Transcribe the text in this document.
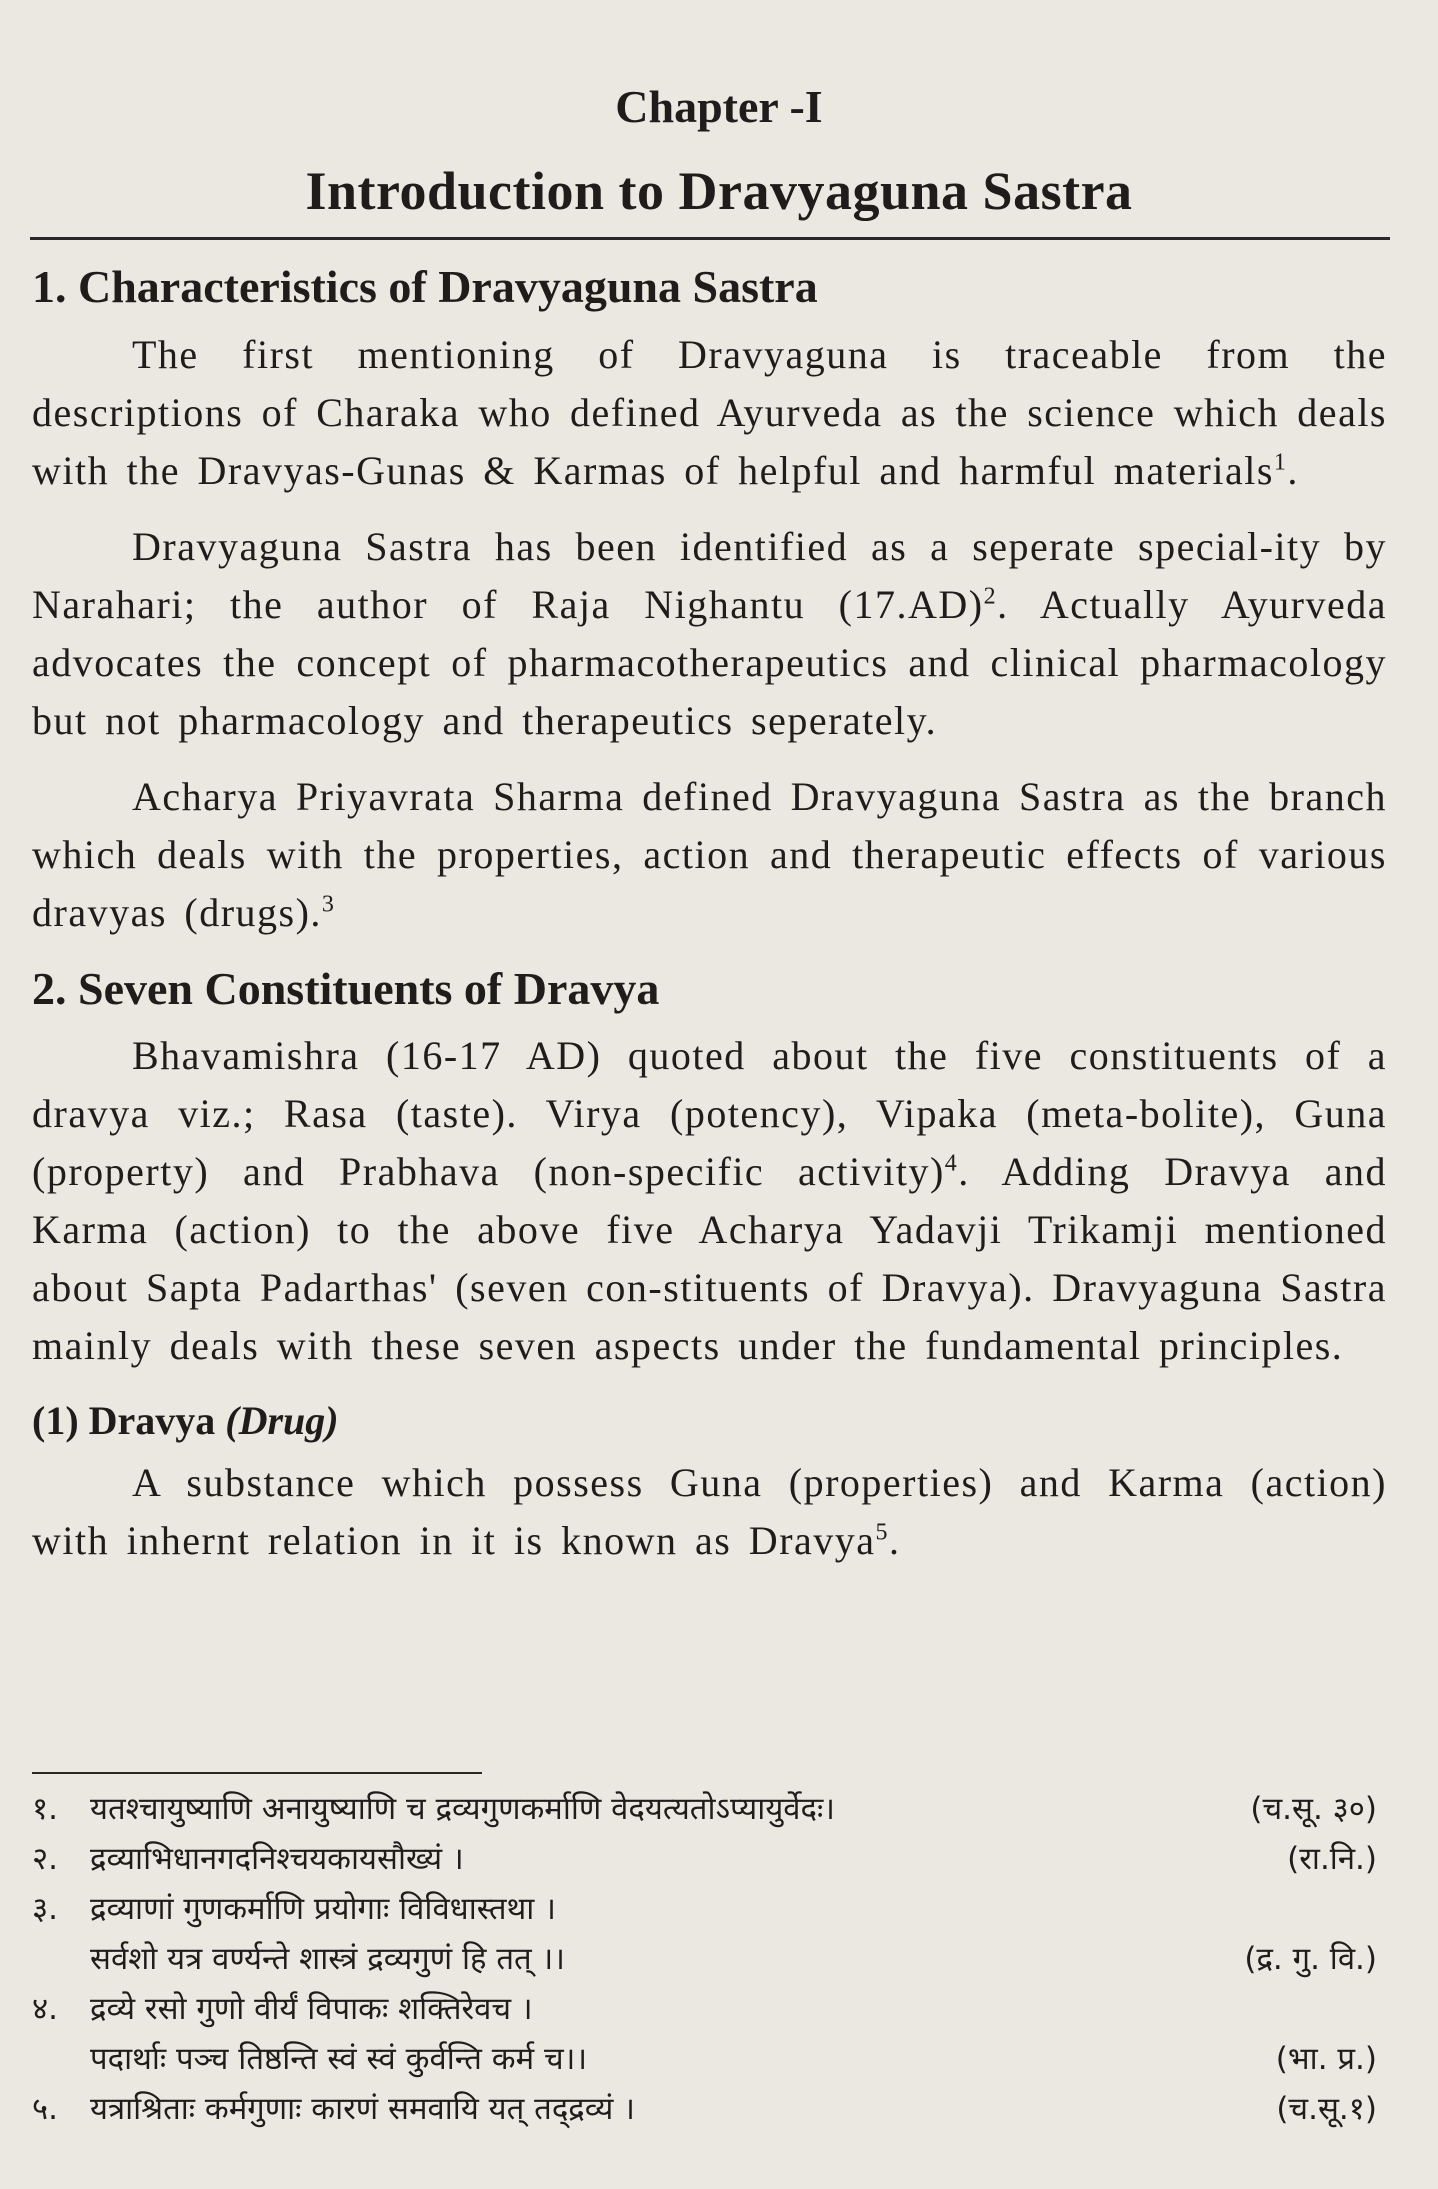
Chapter -I
Introduction to Dravyaguna Sastra
1. Characteristics of Dravyaguna Sastra

The first mentioning of Dravyaguna is traceable from the descriptions of Charaka who defined Ayurveda as the science which deals with the Dravyas-Gunas & Karmas of helpful and harmful materials$^1$.

Dravyaguna Sastra has been identified as a seperate special-ity by Narahari; the author of Raja Nighantu $(17.AD)^2$. Actually Ayurveda advocates the concept of pharmacotherapeutics and clinical pharmacology but not pharmacology and therapeutics seperately.

Acharya Priyavrata Sharma defined Dravyaguna Sastra as the branch which deals with the properties, action and therapeutic effects of various dravyas (drugs).$^3$

2. Seven Constituents of Dravya

Bhavamishra (16-17 AD) quoted about the five constituents of a dravya viz.; Rasa (taste). Virya (potency), Vipaka (meta-bolite), Guna (property) and Prabhava (non-specific activity)$^4$. Adding Dravya and Karma (action) to the above five Acharya Yadavji Trikamji mentioned about Sapta Padarthas' (seven con-stituents of Dravya). Dravyaguna Sastra mainly deals with these seven aspects under the fundamental principles.

(1) Dravya (Drug)

A substance which possess Guna (properties) and Karma (action) with inhernt relation in it is known as Dravya$^5$.

१. यतश्चायुष्याणि अनायुष्याणि च द्रव्यगुणकर्माणि वेदयत्यतोऽप्यायुर्वेदः।	(च.सू. ३०)
२. द्रव्याभिधानगदनिश्चयकायसौख्यं ।	(रा.नि.)
३. द्रव्याणां गुणकर्माणि प्रयोगाः विविधास्तथा ।
सर्वशो यत्र वर्ण्यन्ते शास्त्रं द्रव्यगुणं हि तत् ।।	(द्र. गु. वि.)
४. द्रव्ये रसो गुणो वीर्यं विपाकः शक्तिरेवच ।
पदार्थाः पञ्च तिष्ठन्ति स्वं स्वं कुर्वन्ति कर्म च।।	(भा. प्र.)
५. यत्राश्रिताः कर्मगुणाः कारणं समवायि यत् तद्द्रव्यं ।	(च.सू.१)
